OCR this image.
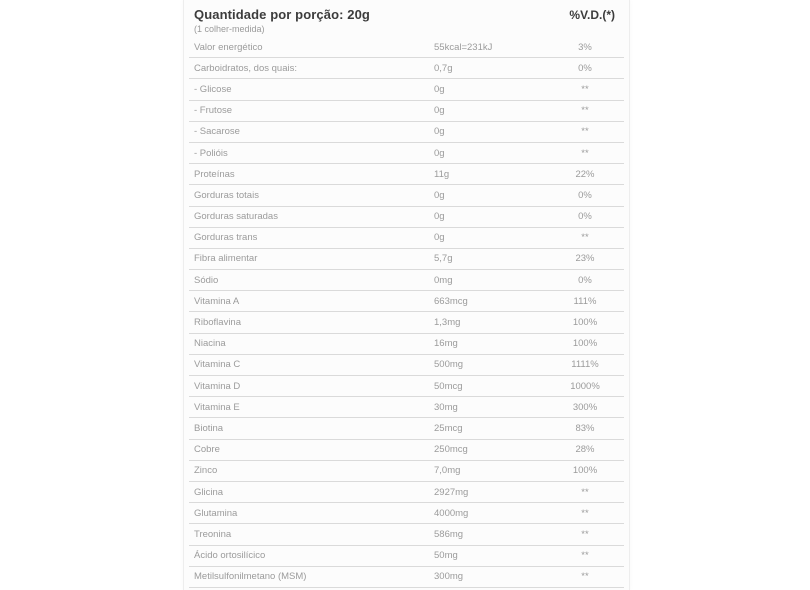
Quantidade por porção: 20g
(1 colher-medida)
%V.D.(*)
Valor energético	55kcal=231kJ	3%
Carboidratos, dos quais:	0,7g	0%
- Glicose	0g	**
- Frutose	0g	**
- Sacarose	0g	**
- Polióis	0g	**
Proteínas	11g	22%
Gorduras totais	0g	0%
Gorduras saturadas	0g	0%
Gorduras trans	0g	**
Fibra alimentar	5,7g	23%
Sódio	0mg	0%
Vitamina A	663mcg	111%
Riboflavina	1,3mg	100%
Niacina	16mg	100%
Vitamina C	500mg	1111%
Vitamina D	50mcg	1000%
Vitamina E	30mg	300%
Biotina	25mcg	83%
Cobre	250mcg	28%
Zinco	7,0mg	100%
Glicina	2927mg	**
Glutamina	4000mg	**
Treonina	586mg	**
Ácido ortosilícico	50mg	**
Metilsulfonilmetano (MSM)	300mg	**
